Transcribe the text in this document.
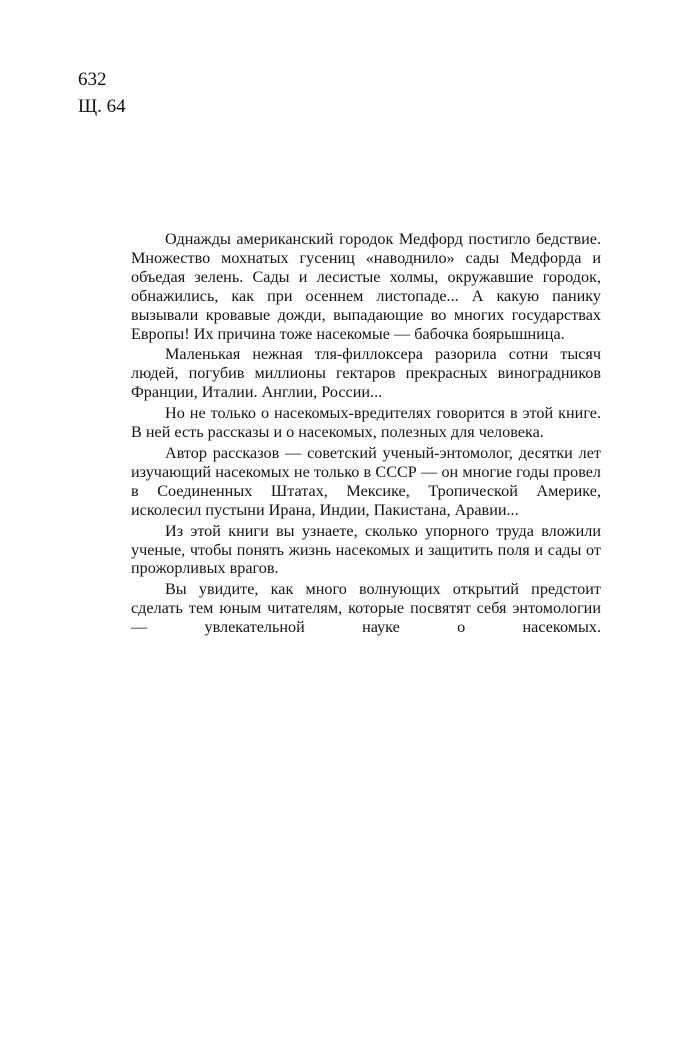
632
Щ. 64

Однажды американский городок Медфорд постигло бедствие. Множество мохнатых гусениц «наводнило» сады Медфорда и объедая зелень. Сады и лесистые холмы, окружавшие городок, обнажились, как при осеннем листопаде... А какую панику вызывали кровавые дожди, выпадающие во многих государствах Европы! Их причина тоже насекомые — бабочка боярышница.

Маленькая нежная тля-филлоксера разорила сотни тысяч людей, погубив миллионы гектаров прекрасных виноградников Франции, Италии. Англии, России...

Но не только о насекомых-вредителях говорится в этой книге. В ней есть рассказы и о насекомых, полезных для человека.

Автор рассказов — советский ученый-энтомолог, десятки лет изучающий насекомых не только в СССР — он многие годы провел в Соединенных Штатах, Мексике, Тропической Америке, исколесил пустыни Ирана, Индии, Пакистана, Аравии...

Из этой книги вы узнаете, сколько упорного труда вложили ученые, чтобы понять жизнь насекомых и защитить поля и сады от прожорливых врагов.

Вы увидите, как много волнующих открытий предстоит сделать тем юным читателям, которые посвятят себя энтомологии — увлекательной науке о насекомых.
